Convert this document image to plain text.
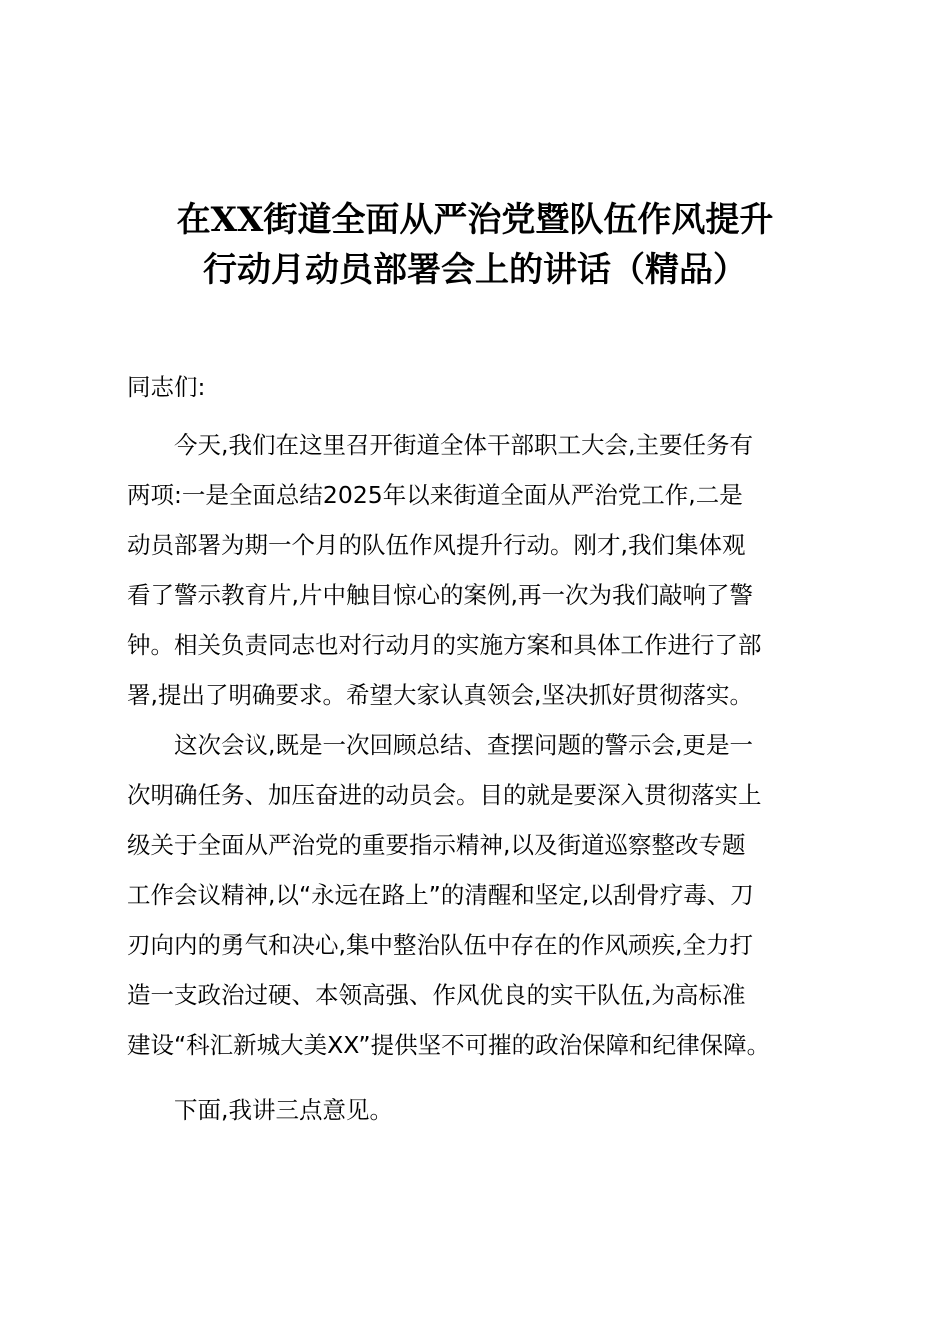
在XX街道全面从严治党暨队伍作风提升
行动月动员部署会上的讲话（精品）
同志们:
今天,我们在这里召开街道全体干部职工大会,主要任务有
两项:一是全面总结2025年以来街道全面从严治党工作,二是
动员部署为期一个月的队伍作风提升行动。刚才,我们集体观
看了警示教育片,片中触目惊心的案例,再一次为我们敲响了警
钟。相关负责同志也对行动月的实施方案和具体工作进行了部
署,提出了明确要求。希望大家认真领会,坚决抓好贯彻落实。
这次会议,既是一次回顾总结、查摆问题的警示会,更是一
次明确任务、加压奋进的动员会。目的就是要深入贯彻落实上
级关于全面从严治党的重要指示精神,以及街道巡察整改专题
工作会议精神,以“永远在路上”的清醒和坚定,以刮骨疗毒、刀
刃向内的勇气和决心,集中整治队伍中存在的作风顽疾,全力打
造一支政治过硬、本领高强、作风优良的实干队伍,为高标准
建设“科汇新城大美XX”提供坚不可摧的政治保障和纪律保障。
下面,我讲三点意见。
